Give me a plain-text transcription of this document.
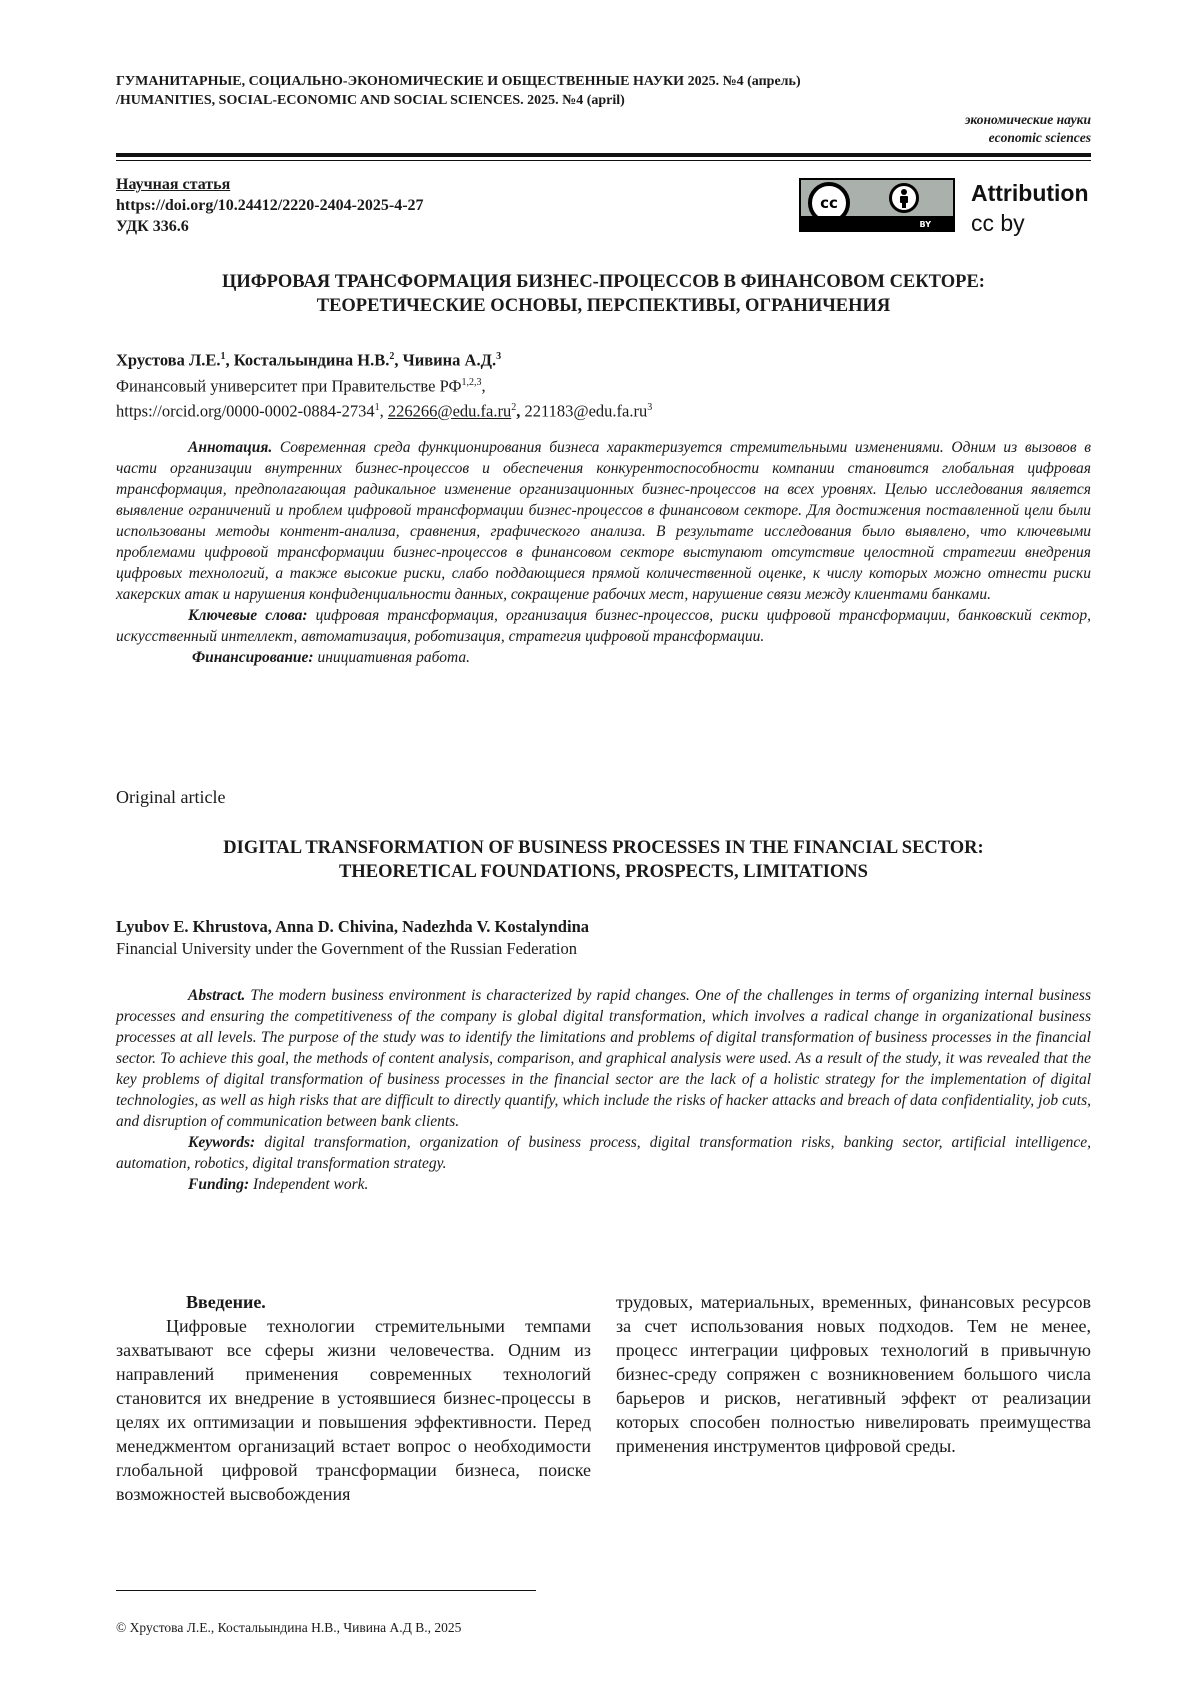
ГУМАНИТАРНЫЕ, СОЦИАЛЬНО-ЭКОНОМИЧЕСКИЕ И ОБЩЕСТВЕННЫЕ НАУКИ 2025. №4 (апрель)
/HUMANITIES, SOCIAL-ECONOMIC AND SOCIAL SCIENCES. 2025. №4 (april)
экономические науки
economic sciences
Научная статья
https://doi.org/10.24412/2220-2404-2025-4-27
УДК 336.6
cc
BY
Attribution
cc by
ЦИФРОВАЯ ТРАНСФОРМАЦИЯ БИЗНЕС-ПРОЦЕССОВ В ФИНАНСОВОМ СЕКТОРЕ:
ТЕОРЕТИЧЕСКИЕ ОСНОВЫ, ПЕРСПЕКТИВЫ, ОГРАНИЧЕНИЯ
Хрустова Л.Е.$^1$, Костальындина Н.В.$^2$, Чивина А.Д.$^3$
Финансовый университет при Правительстве РФ$^{1,2,3}$,
https://orcid.org/0000-0002-0884-2734$^1$, $226266@edu.fa.ru^2$, $221183@edu.fa.ru^3$

Аннотация. Современная среда функционирования бизнеса характеризуется стремительными изменениями. Одним из вызовов в части организации внутренних бизнес-процессов и обеспечения конкурентоспособности компании становится глобальная цифровая трансформация, предполагающая радикальное изменение организационных бизнес-процессов на всех уровнях. Целью исследования является выявление ограничений и проблем цифровой трансформации бизнес-процессов в финансовом секторе. Для достижения поставленной цели были использованы методы контент-анализа, сравнения, графического анализа. В результате исследования было выявлено, что ключевыми проблемами цифровой трансформации бизнес-процессов в финансовом секторе выступают отсутствие целостной стратегии внедрения цифровых технологий, а также высокие риски, слабо поддающиеся прямой количественной оценке, к числу которых можно отнести риски хакерских атак и нарушения конфиденциальности данных, сокращение рабочих мест, нарушение связи между клиентами банками.

Ключевые слова: цифровая трансформация, организация бизнес-процессов, риски цифровой трансформации, банковский сектор, искусственный интеллект, автоматизация, роботизация, стратегия цифровой трансформации.

Финансирование: инициативная работа.

Original article
DIGITAL TRANSFORMATION OF BUSINESS PROCESSES IN THE FINANCIAL SECTOR:
THEORETICAL FOUNDATIONS, PROSPECTS, LIMITATIONS
Lyubov E. Khrustova, Anna D. Chivina, Nadezhda V. Kostalyndina
Financial University under the Government of the Russian Federation

Abstract. The modern business environment is characterized by rapid changes. One of the challenges in terms of organizing internal business processes and ensuring the competitiveness of the company is global digital transformation, which involves a radical change in organizational business processes at all levels. The purpose of the study was to identify the limitations and problems of digital transformation of business processes in the financial sector. To achieve this goal, the methods of content analysis, comparison, and graphical analysis were used. As a result of the study, it was revealed that the key problems of digital transformation of business processes in the financial sector are the lack of a holistic strategy for the implementation of digital technologies, as well as high risks that are difficult to directly quantify, which include the risks of hacker attacks and breach of data confidentiality, job cuts, and disruption of communication between bank clients.

Keywords: digital transformation, organization of business process, digital transformation risks, banking sector, artificial intelligence, automation, robotics, digital transformation strategy.

Funding: Independent work.

Введение.

Цифровые технологии стремительными темпами захватывают все сферы жизни человечества. Одним из направлений применения современных технологий становится их внедрение в устоявшиеся бизнес-процессы в целях их оптимизации и повышения эффективности. Перед менеджментом организаций встает вопрос о необходимости глобальной цифровой трансформации бизнеса, поиске возможностей высвобождения

трудовых, материальных, временных, финансовых ресурсов за счет использования новых подходов. Тем не менее, процесс интеграции цифровых технологий в привычную бизнес-среду сопряжен с возникновением большого числа барьеров и рисков, негативный эффект от реализации которых способен полностью нивелировать преимущества применения инструментов цифровой среды.

© Хрустова Л.Е., Костальындина Н.В., Чивина А.Д В., 2025
